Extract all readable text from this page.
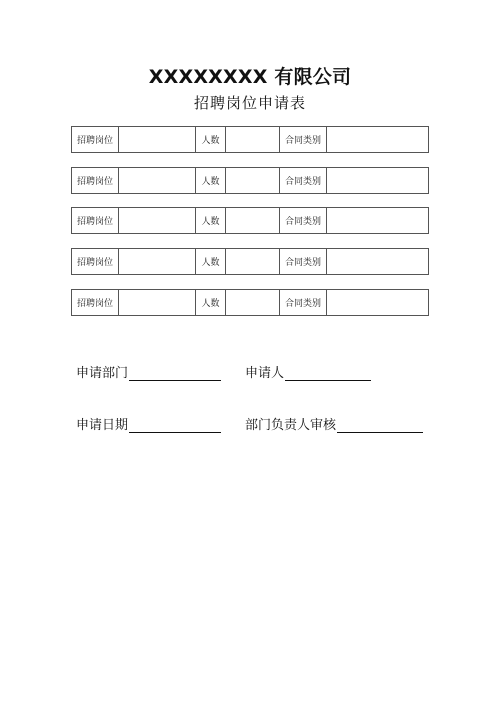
XXXXXXXX 有限公司
招聘岗位申请表
招聘岗位	人数	合同类别
招聘岗位	人数	合同类别
招聘岗位	人数	合同类别
招聘岗位	人数	合同类别
招聘岗位	人数	合同类别
申请部门	申请人
申请日期	部门负责人审核
